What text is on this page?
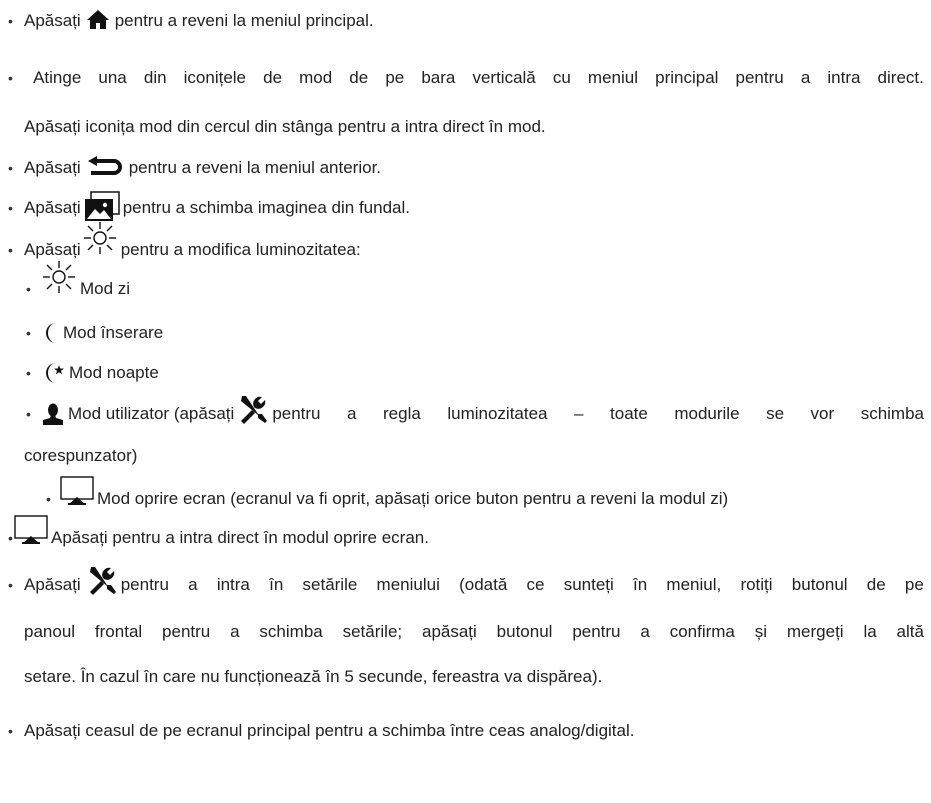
• Apăsați pentru a reveni la meniul principal.
• Atinge una din iconițele de mod de pe bara verticală cu meniul principal pentru a intra direct.
Apăsați iconița mod din cercul din stânga pentru a intra direct în mod.
• Apăsați	pentru a reveni la meniul anterior.
• Apăsați pentru a schimba imaginea din fundal.
• Apăsați pentru a modifica luminozitatea:
•	Mod zi
•	Mod înserare
•	Mod noapte
•	Mod utilizator (apăsați pentru a regla luminozitatea – toate modurile se vor schimba
corespunzator)
•	Mod oprire ecran (ecranul va fi oprit, apăsați orice buton pentru a reveni la modul zi)
• Apăsați pentru a intra direct în modul oprire ecran.
• Apăsați pentru a intra în setările meniului (odată ce sunteți în meniul, rotiți butonul de pe
panoul frontal pentru a schimba setările; apăsați butonul pentru a confirma și mergeți la altă
setare. În cazul în care nu funcționează în 5 secunde, fereastra va dispărea).
• Apăsați ceasul de pe ecranul principal pentru a schimba între ceas analog/digital.
